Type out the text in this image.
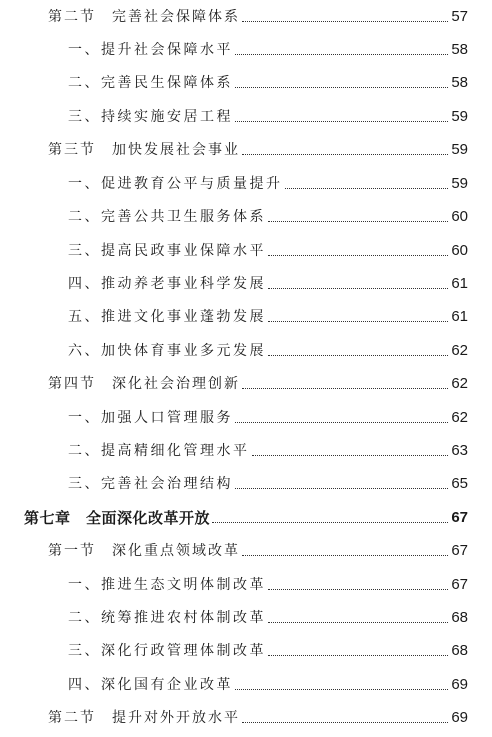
第二节　完善社会保障体系	57
一、提升社会保障水平	58
二、完善民生保障体系	58
三、持续实施安居工程	59
第三节　加快发展社会事业	59
一、促进教育公平与质量提升	59
二、完善公共卫生服务体系	60
三、提高民政事业保障水平	60
四、推动养老事业科学发展	61
五、推进文化事业蓬勃发展	61
六、加快体育事业多元发展	62
第四节　深化社会治理创新	62
一、加强人口管理服务	62
二、提高精细化管理水平	63
三、完善社会治理结构	65
第七章　全面深化改革开放	67
第一节　深化重点领域改革	67
一、推进生态文明体制改革	67
二、统筹推进农村体制改革	68
三、深化行政管理体制改革	68
四、深化国有企业改革	69
第二节　提升对外开放水平	69
